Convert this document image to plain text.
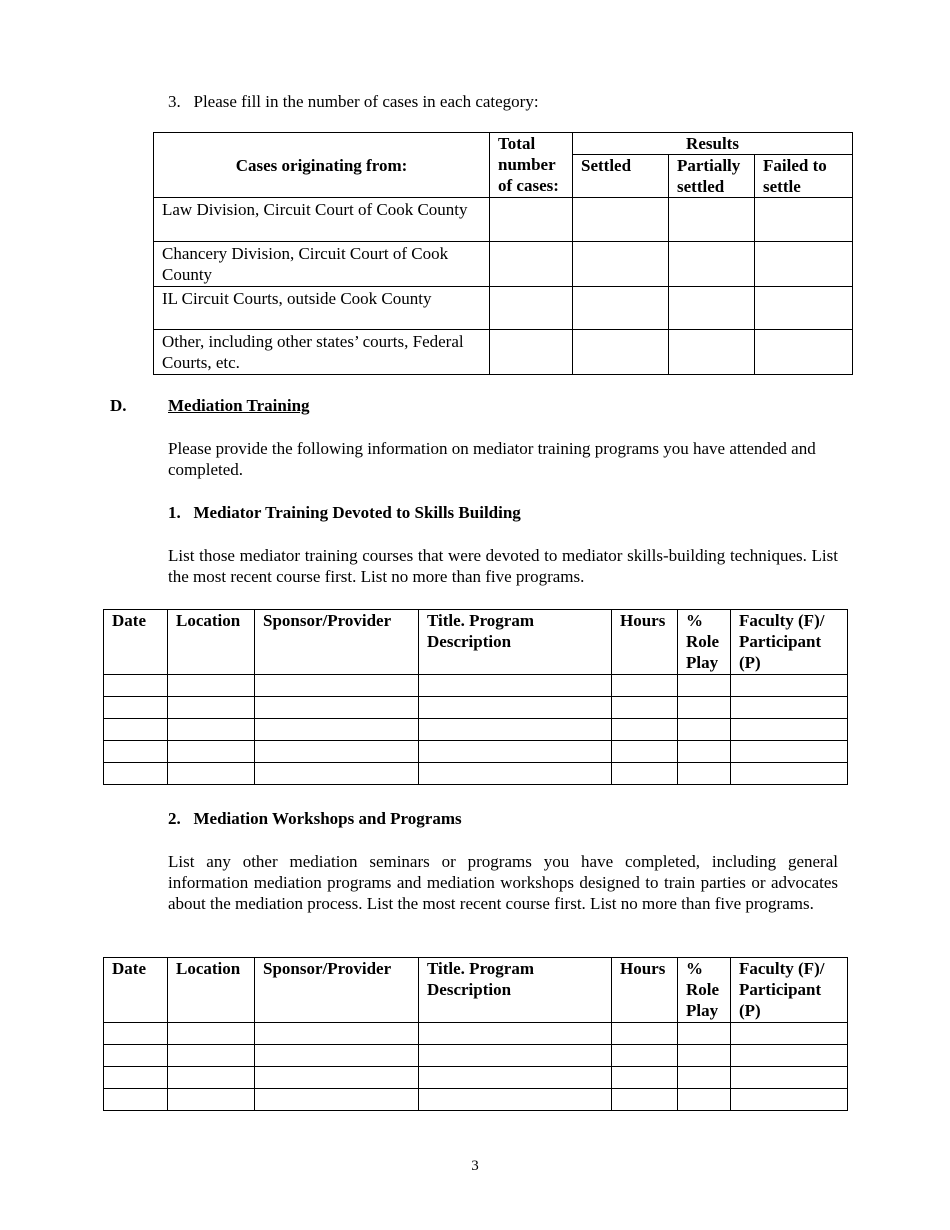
3. Please fill in the number of cases in each category:

Cases originating from:	Total number of cases:	Results		
		Settled	Partially settled	Failed to settle
Law Division, Circuit Court of Cook County				
Chancery Division, Circuit Court of Cook County				
IL Circuit Courts, outside Cook County				
Other, including other states’ courts, Federal Courts, etc.				

D. Mediation Training

Please provide the following information on mediator training programs you have attended and completed.

1.   Mediator Training Devoted to Skills Building

List those mediator training courses that were devoted to mediator skills-building techniques. List the most recent course first. List no more than five programs.

Date	Location	Sponsor/Provider	Title. Program Description	Hours	% Role Play	Faculty (F)/ Participant (P)

2.   Mediation Workshops and Programs

List any other mediation seminars or programs you have completed, including general information mediation programs and mediation workshops designed to train parties or advocates about the mediation process. List the most recent course first. List no more than five programs.

Date	Location	Sponsor/Provider	Title. Program Description	Hours	% Role Play	Faculty (F)/ Participant (P)

3
